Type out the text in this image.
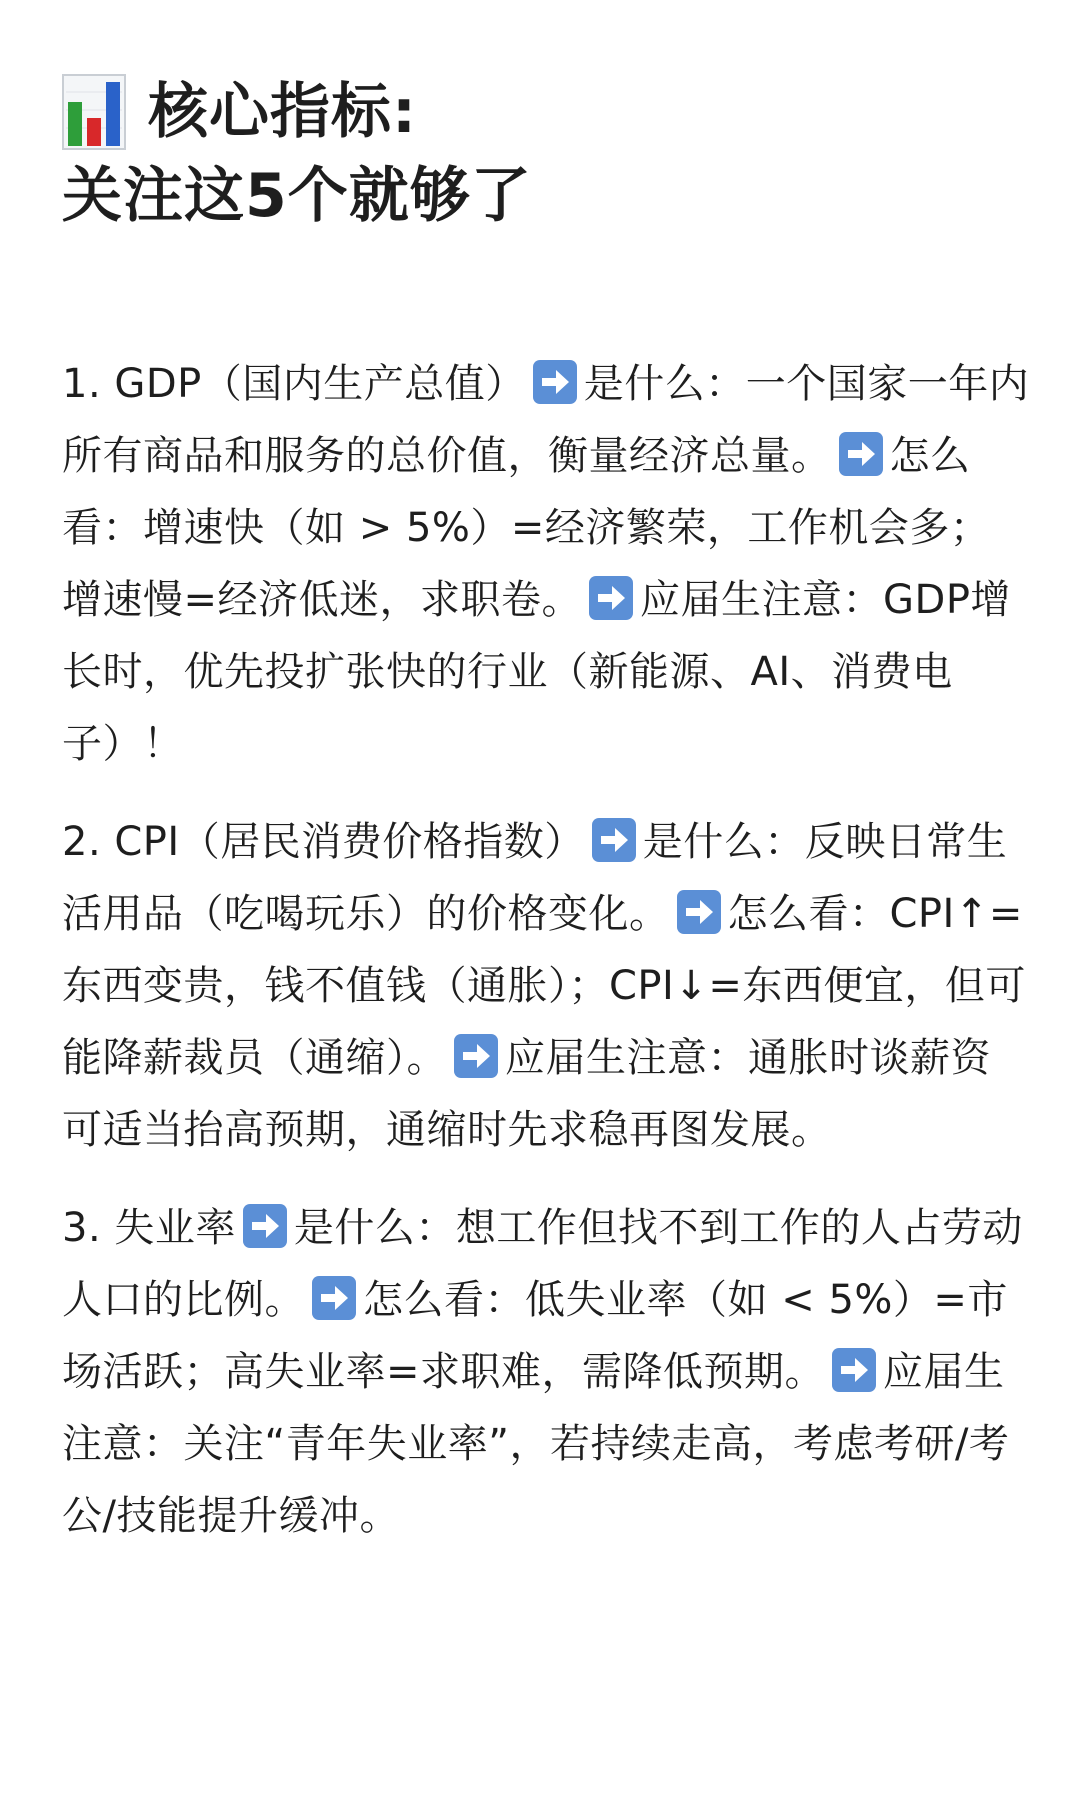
核心指标:
关注这5个就够了

1. GDP（国内生产总值） 是什么：一个国家一年内所有商品和服务的总价值，衡量经济总量。 怎么看：增速快（如 > 5%）=经济繁荣，工作机会多；增速慢=经济低迷，求职卷。 应届生注意：GDP增长时，优先投扩张快的行业（新能源、AI、消费电子）！

2. CPI（居民消费价格指数） 是什么：反映日常生活用品（吃喝玩乐）的价格变化。 怎么看：CPI↑=东西变贵，钱不值钱（通胀）；CPI↓=东西便宜，但可能降薪裁员（通缩）。 应届生注意：通胀时谈薪资可适当抬高预期，通缩时先求稳再图发展。

3. 失业率 是什么：想工作但找不到工作的人占劳动人口的比例。 怎么看：低失业率（如 < 5%）=市场活跃；高失业率=求职难，需降低预期。 应届生注意：关注“青年失业率”，若持续走高，考虑考研/考公/技能提升缓冲。
